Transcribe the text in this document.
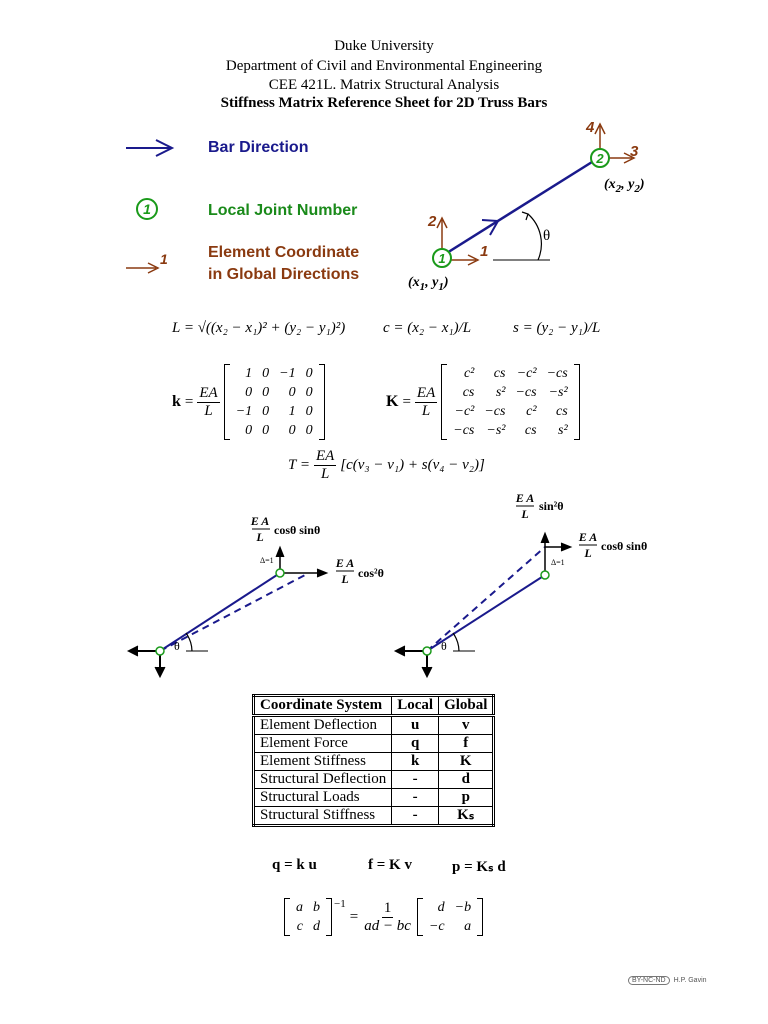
Duke University
Department of Civil and Environmental Engineering
CEE 421L. Matrix Structural Analysis
Stiffness Matrix Reference Sheet for 2D Truss Bars
Bar Direction
1	Local Joint Number
1	Element Coordinate
in Global Directions
θ
2
1
1
4
3
2
($x_1$, $y_1$)
($x_2$, $y_2$)
L = √((x₂ − x₁)² + (y₂ − y₁)²)	c = (x₂ − x₁)/L	s = (y₂ − y₁)/L
$k = \frac{EA}{L}$
1	0	−1	0
0	0	0	0
−1	0	1	0
0	0	0	0
$K = \frac{EA}{L}$
c²	cs	−c²	−cs
cs	s²	−cs	−s²
−c²	−cs	c²	cs
−cs	−s²	cs	s²
$T = \frac{EA}{L} [c(v_3 - v_1) + s(v_4 - v_2)]$
θ
Δ=1
E A
L cosθ sinθ
E A
L cos²θ
θ
Δ=1
E A
L
sin²θ
E A
L cosθ sinθ
Coordinate System	Local	Global
Element Deflection	u	v
Element Force	q	f
Element Stiffness	k	K
Structural Deflection	-	d
Structural Loads	-	p
Structural Stiffness	-	Kₛ
q = k u	f = K v	p = Kₛ d
a	b
c	d
−1
= $\frac{1}{ad - bc}$ d	−b
−c	a
BY-NC-ND	H.P. Gavin
